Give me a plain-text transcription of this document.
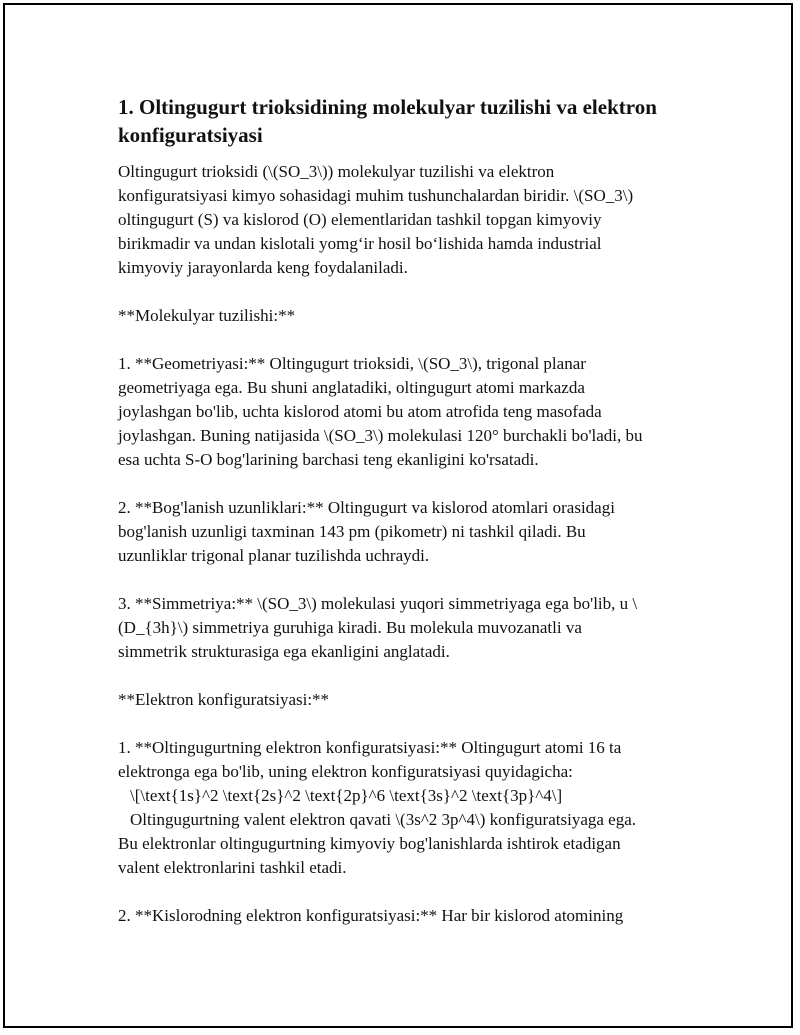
1. Oltingugurt trioksidining molekulyar tuzilishi va elektron
konfiguratsiyasi

Oltingugurt trioksidi (\(SO_3\)) molekulyar tuzilishi va elektron
konfiguratsiyasi kimyo sohasidagi muhim tushunchalardan biridir. \(SO_3\)
oltingugurt (S) va kislorod (O) elementlaridan tashkil topgan kimyoviy
birikmadir va undan kislotali yomg‘ir hosil bo‘lishida hamda industrial
kimyoviy jarayonlarda keng foydalaniladi.

**Molekulyar tuzilishi:**

1. **Geometriyasi:** Oltingugurt trioksidi, \(SO_3\), trigonal planar
geometriyaga ega. Bu shuni anglatadiki, oltingugurt atomi markazda
joylashgan bo'lib, uchta kislorod atomi bu atom atrofida teng masofada
joylashgan. Buning natijasida \(SO_3\) molekulasi 120° burchakli bo'ladi, bu
esa uchta S-O bog'larining barchasi teng ekanligini ko'rsatadi.

2. **Bog'lanish uzunliklari:** Oltingugurt va kislorod atomlari orasidagi
bog'lanish uzunligi taxminan 143 pm (pikometr) ni tashkil qiladi. Bu
uzunliklar trigonal planar tuzilishda uchraydi.

3. **Simmetriya:** \(SO_3\) molekulasi yuqori simmetriyaga ega bo'lib, u \
(D_{3h}\) simmetriya guruhiga kiradi. Bu molekula muvozanatli va
simmetrik strukturasiga ega ekanligini anglatadi.

**Elektron konfiguratsiyasi:**

1. **Oltingugurtning elektron konfiguratsiyasi:** Oltingugurt atomi 16 ta
elektronga ega bo'lib, uning elektron konfiguratsiyasi quyidagicha:
\[\text{1s}^2 \text{2s}^2 \text{2p}^6 \text{3s}^2 \text{3p}^4\]
Oltingugurtning valent elektron qavati \(3s^2 3p^4\) konfiguratsiyaga ega.
Bu elektronlar oltingugurtning kimyoviy bog'lanishlarda ishtirok etadigan
valent elektronlarini tashkil etadi.

2. **Kislorodning elektron konfiguratsiyasi:** Har bir kislorod atomining
